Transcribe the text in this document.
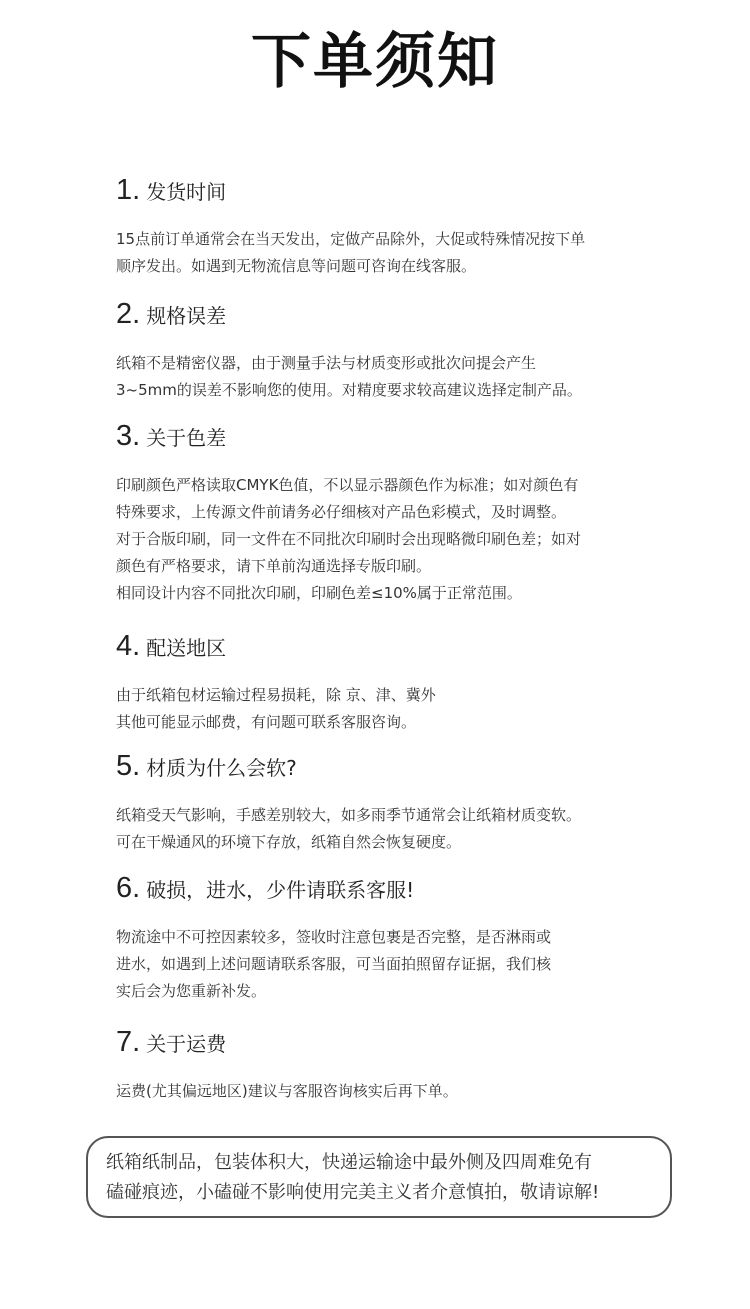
下单须知
1. 发货时间
15点前订单通常会在当天发出，定做产品除外，大促或特殊情况按下单
顺序发出。如遇到无物流信息等问题可咨询在线客服。
2. 规格误差
纸箱不是精密仪器，由于测量手法与材质变形或批次问提会产生
3~5mm的误差不影响您的使用。对精度要求较高建议选择定制产品。
3. 关于色差
印刷颜色严格读取CMYK色值，不以显示器颜色作为标准；如对颜色有
特殊要求，上传源文件前请务必仔细核对产品色彩模式，及时调整。
对于合版印刷，同一文件在不同批次印刷时会出现略微印刷色差；如对
颜色有严格要求，请下单前沟通选择专版印刷。
相同设计内容不同批次印刷，印刷色差≤10%属于正常范围。
4. 配送地区
由于纸箱包材运输过程易损耗，除 京、津、冀外
其他可能显示邮费，有问题可联系客服咨询。
5. 材质为什么会软?
纸箱受天气影响，手感差别较大，如多雨季节通常会让纸箱材质变软。
可在干燥通风的环境下存放，纸箱自然会恢复硬度。
6. 破损，进水，少件请联系客服!
物流途中不可控因素较多，签收时注意包裹是否完整，是否淋雨或
进水，如遇到上述问题请联系客服，可当面拍照留存证据，我们核
实后会为您重新补发。
7. 关于运费
运费(尤其偏远地区)建议与客服咨询核实后再下单。
纸箱纸制品，包装体积大，快递运输途中最外侧及四周难免有
磕碰痕迹，小磕碰不影响使用完美主义者介意慎拍，敬请谅解!
